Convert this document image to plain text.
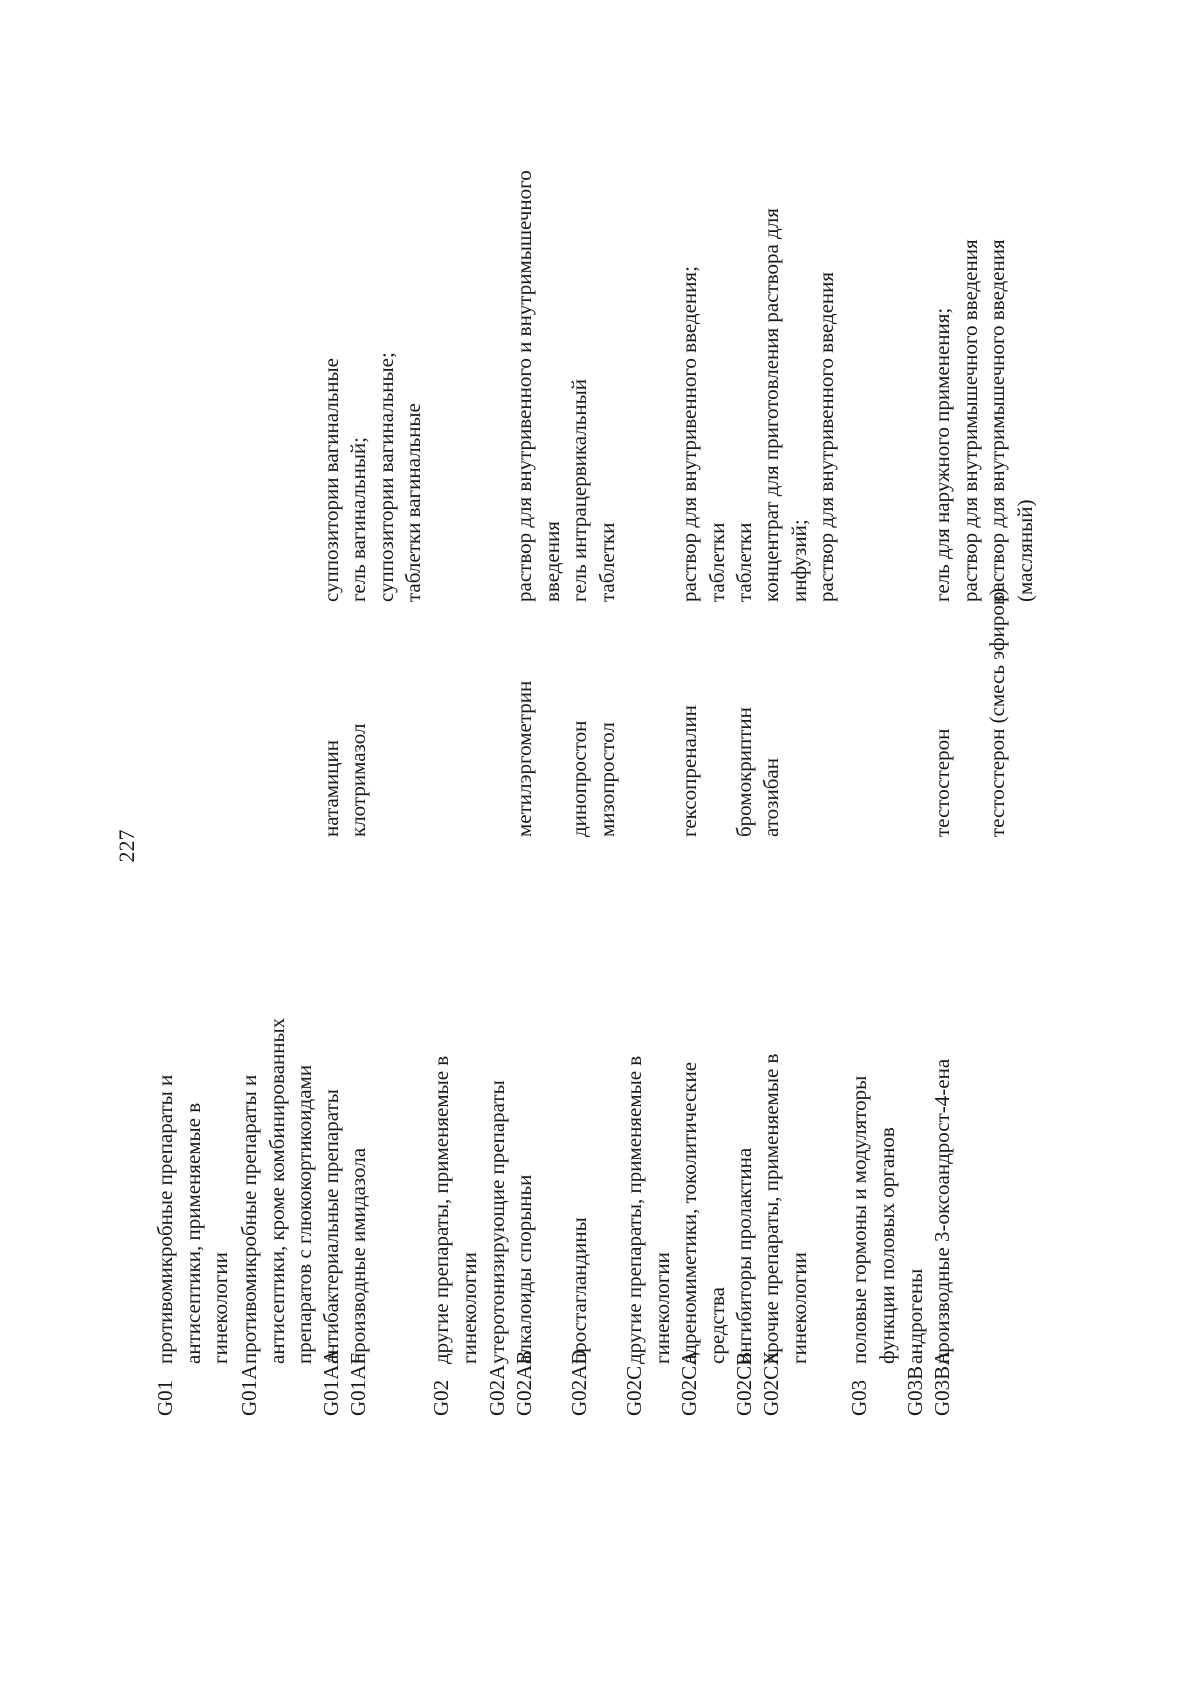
227
G01
противомикробные препараты и антисептики, применяемые в гинекологии
G01A
противомикробные препараты и антисептики, кроме комбинированных препаратов с глюкокортикоидами
G01AA
антибактериальные препараты
натамицин
суппозитории вагинальные
G01AF
производные имидазола
клотримазол
гель вагинальный; суппозитории вагинальные; таблетки вагинальные
G02
другие препараты, применяемые в гинекологии
G02A
утеротонизирующие препараты
G02AB
алкалоиды спорыньи
метилэргометрин
раствор для внутривенного и внутримышечного введения
G02AD
простагландины
динопростон мизопростол
гель интрацервикальный таблетки
G02C
другие препараты, применяемые в гинекологии
G02CA
адреномиметики, токолитические средства
гексопреналин
раствор для внутривенного введения; таблетки
G02CB
ингибиторы пролактина
бромокриптин
таблетки
G02CX
прочие препараты, применяемые в гинекологии
атозибан
концентрат для приготовления раствора для инфузий; раствор для внутривенного введения
G03
половые гормоны и модуляторы функции половых органов
G03B
андрогены
G03BA
производные 3-оксоандрост-4-ена
тестостерон
тестостерон (смесь эфиров)
гель для наружного применения; раствор для внутримышечного введения раствор для внутримышечного введения (масляный)
